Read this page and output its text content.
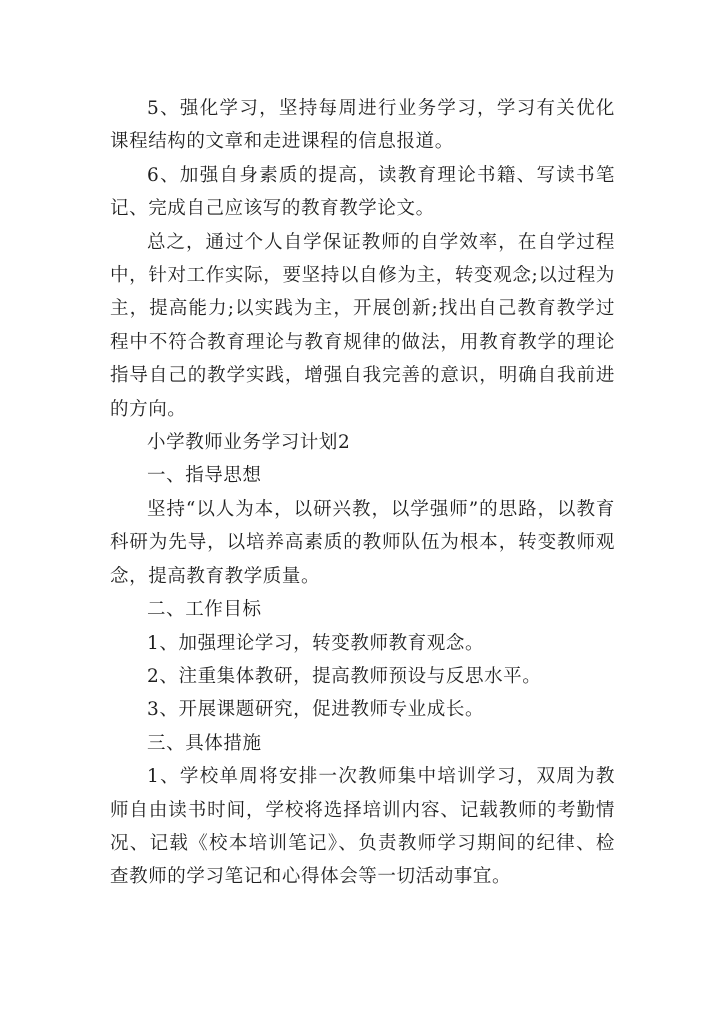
5、强化学习，坚持每周进行业务学习，学习有关优化课程结构的文章和走进课程的信息报道。

6、加强自身素质的提高，读教育理论书籍、写读书笔记、完成自己应该写的教育教学论文。

总之，通过个人自学保证教师的自学效率，在自学过程中，针对工作实际，要坚持以自修为主，转变观念;以过程为主，提高能力;以实践为主，开展创新;找出自己教育教学过程中不符合教育理论与教育规律的做法，用教育教学的理论指导自己的教学实践，增强自我完善的意识，明确自我前进的方向。

小学教师业务学习计划2

一、指导思想

坚持“以人为本，以研兴教，以学强师”的思路，以教育科研为先导，以培养高素质的教师队伍为根本，转变教师观念，提高教育教学质量。

二、工作目标

1、加强理论学习，转变教师教育观念。

2、注重集体教研，提高教师预设与反思水平。

3、开展课题研究，促进教师专业成长。

三、具体措施

1、学校单周将安排一次教师集中培训学习，双周为教师自由读书时间，学校将选择培训内容、记载教师的考勤情况、记载《校本培训笔记》、负责教师学习期间的纪律、检查教师的学习笔记和心得体会等一切活动事宜。
